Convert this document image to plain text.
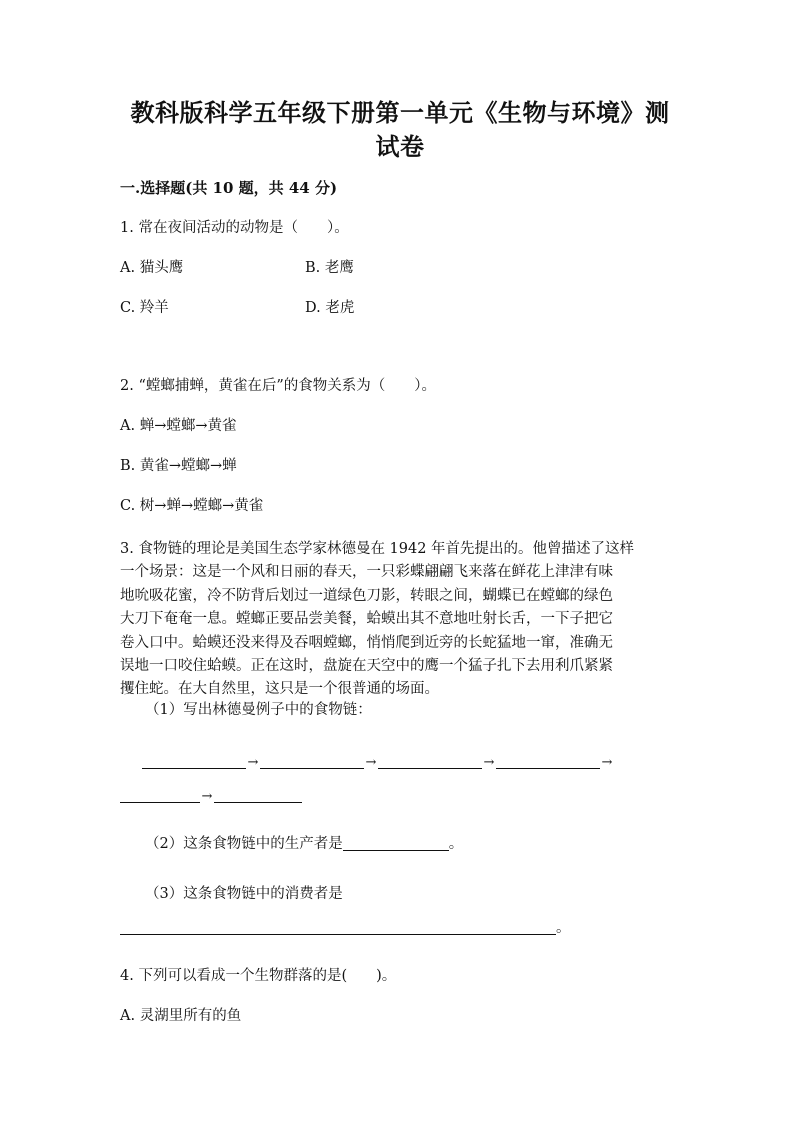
教科版科学五年级下册第一单元《生物与环境》测
试卷
一.选择题(共 10 题，共 44 分)
1. 常在夜间活动的动物是（　　）。
A. 猫头鹰	B. 老鹰
C. 羚羊	D. 老虎
2. “螳螂捕蝉，黄雀在后”的食物关系为（　　）。
A. 蝉→螳螂→黄雀
B. 黄雀→螳螂→蝉
C. 树→蝉→螳螂→黄雀
3. 食物链的理论是美国生态学家林德曼在 1942 年首先提出的。他曾描述了这样
一个场景：这是一个风和日丽的春天，一只彩蝶翩翩飞来落在鲜花上津津有味
地吮吸花蜜，冷不防背后划过一道绿色刀影，转眼之间，蝴蝶已在螳螂的绿色
大刀下奄奄一息。螳螂正要品尝美餐，蛤蟆出其不意地吐射长舌，一下子把它
卷入口中。蛤蟆还没来得及吞咽螳螂，悄悄爬到近旁的长蛇猛地一窜，准确无
误地一口咬住蛤蟆。正在这时，盘旋在天空中的鹰一个猛子扎下去用利爪紧紧
攫住蛇。在大自然里，这只是一个很普通的场面。
（1）写出林德曼例子中的食物链：
→	→	→	→
→
（2）这条食物链中的生产者是	。
（3）这条食物链中的消费者是
。
4. 下列可以看成一个生物群落的是(　　)。
A. 灵湖里所有的鱼
